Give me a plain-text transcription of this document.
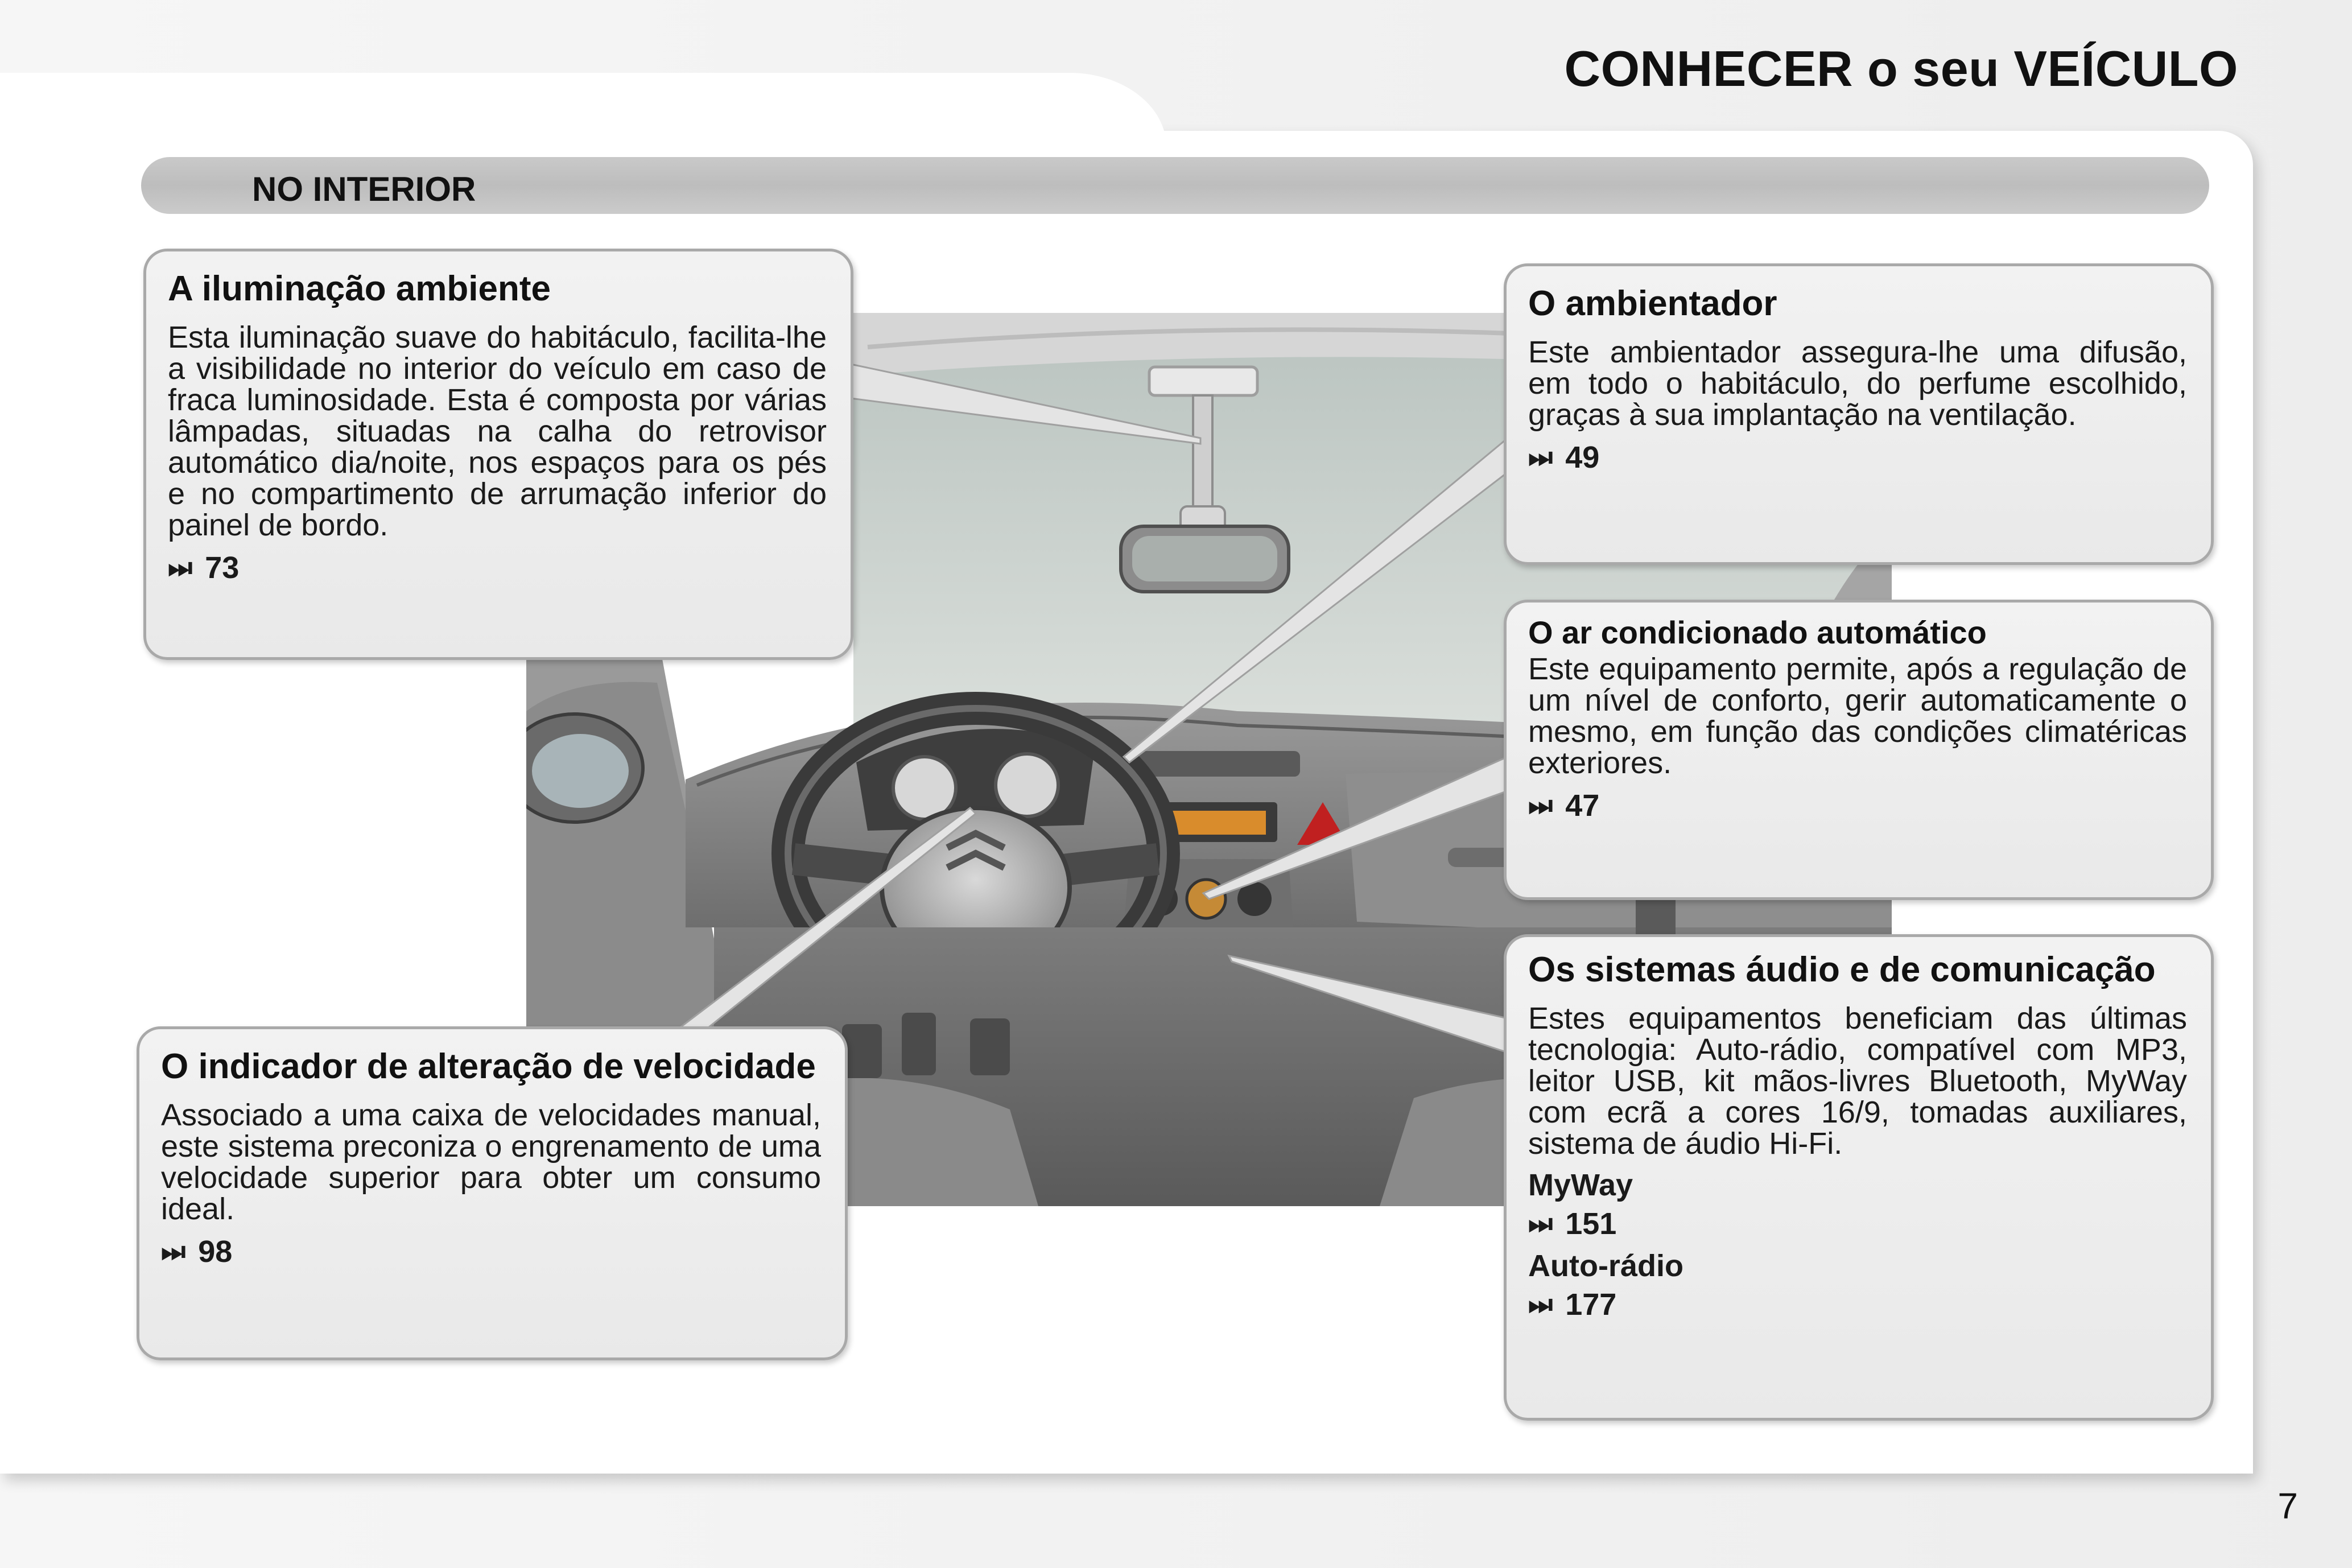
CONHECER o seu VEÍCULO
NO INTERIOR
A iluminação ambiente

Esta iluminação suave do habitáculo, facilita-lhe a visibilidade no interior do veículo em caso de fraca luminosidade. Esta é composta por várias lâmpadas, situadas na calha do retrovisor automático dia/noite, nos espaços para os pés e no compartimento de arrumação inferior do painel de bordo.

⏭ 73
O indicador de alteração de velocidade

Associado a uma caixa de velocidades manual, este sistema preconiza o engrenamento de uma velocidade superior para obter um consumo ideal.

⏭ 98
O ambientador

Este ambientador assegura-lhe uma difusão, em todo o habitáculo, do perfume escolhido, graças à sua implantação na ventilação.

⏭ 49
O ar condicionado automático

Este equipamento permite, após a regulação de um nível de conforto, gerir automaticamente o mesmo, em função das condições climatéricas exteriores.

⏭ 47
Os sistemas áudio e de comunicação

Estes equipamentos beneficiam das últimas tecnologia: Auto-rádio, compatível com MP3, leitor USB, kit mãos-livres Bluetooth, MyWay com ecrã a cores 16/9, tomadas auxiliares, sistema de áudio Hi-Fi.

MyWay
⏭ 151
Auto-rádio
⏭ 177
7
